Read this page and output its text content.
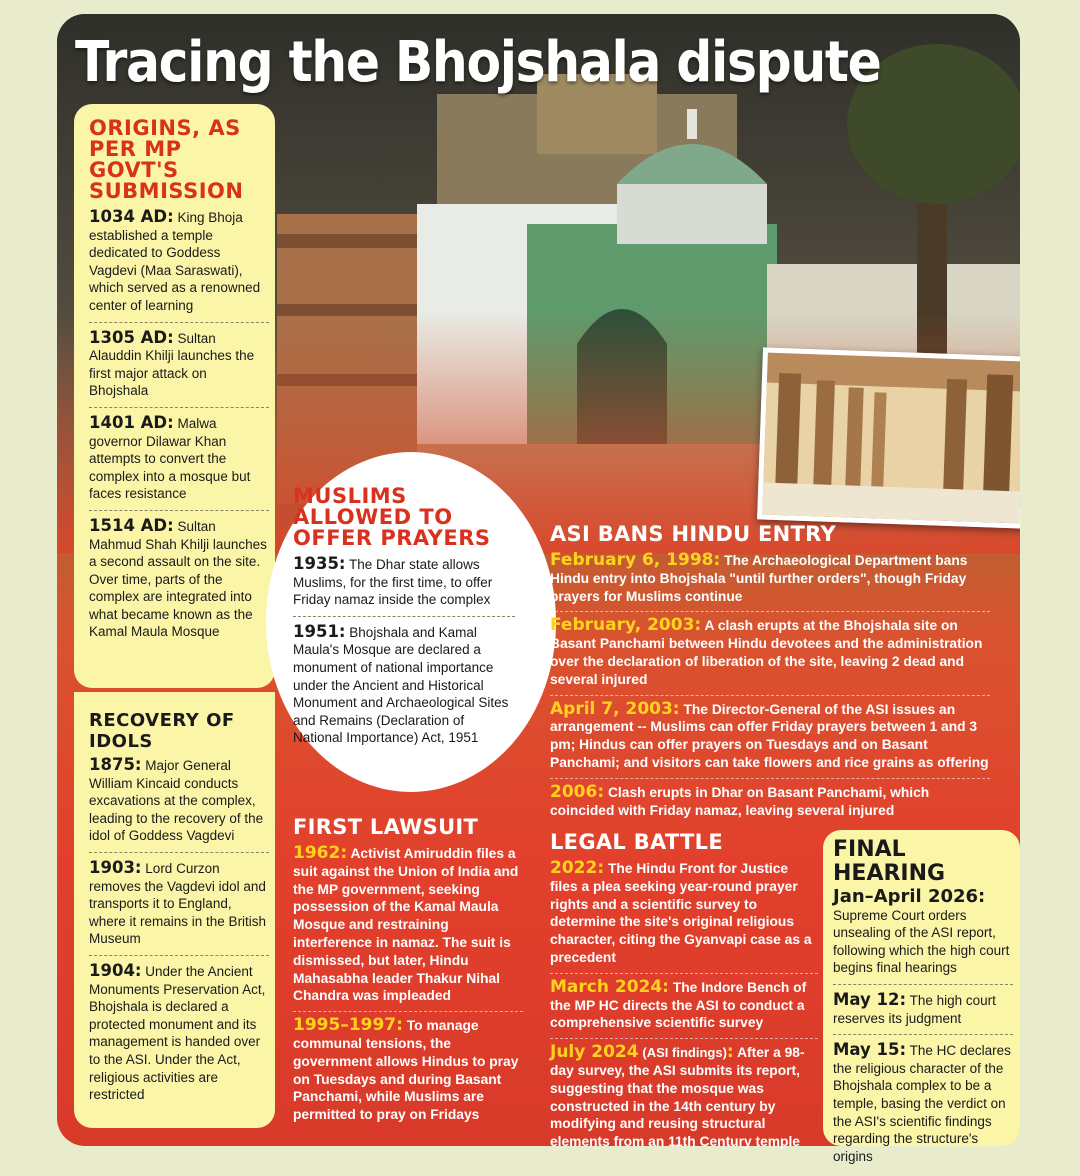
Tracing the Bhojshala dispute

ORIGINS, AS PER MP GOVT'S SUBMISSION

1034 AD: King Bhoja established a temple dedicated to Goddess Vagdevi (Maa Saraswati), which served as a renowned center of learning
1305 AD: Sultan Alauddin Khilji launches the first major attack on Bhojshala
1401 AD: Malwa governor Dilawar Khan attempts to convert the complex into a mosque but faces resistance
1514 AD: Sultan Mahmud Shah Khilji launches a second assault on the site. Over time, parts of the complex are integrated into what became known as the Kamal Maula Mosque

RECOVERY OF IDOLS

1875: Major General William Kincaid conducts excavations at the complex, leading to the recovery of the idol of Goddess Vagdevi
1903: Lord Curzon removes the Vagdevi idol and transports it to England, where it remains in the British Museum
1904: Under the Ancient Monuments Preservation Act, Bhojshala is declared a protected monument and its management is handed over to the ASI. Under the Act, religious activities are restricted

MUSLIMS ALLOWED TO OFFER PRAYERS

1935: The Dhar state allows Muslims, for the first time, to offer Friday namaz inside the complex
1951: Bhojshala and Kamal Maula's Mosque are declared a monument of national importance under the Ancient and Historical Monument and Archaeological Sites and Remains (Declaration of National Importance) Act, 1951

FIRST LAWSUIT

1962: Activist Amiruddin files a suit against the Union of India and the MP government, seeking possession of the Kamal Maula Mosque and restraining interference in namaz. The suit is dismissed, but later, Hindu Mahasabha leader Thakur Nihal Chandra was impleaded
1995–1997: To manage communal tensions, the government allows Hindus to pray on Tuesdays and during Basant Panchami, while Muslims are permitted to pray on Fridays

ASI BANS HINDU ENTRY

February 6, 1998: The Archaeological Department bans Hindu entry into Bhojshala "until further orders", though Friday prayers for Muslims continue
February, 2003: A clash erupts at the Bhojshala site on Basant Panchami between Hindu devotees and the administration over the declaration of liberation of the site, leaving 2 dead and several injured
April 7, 2003: The Director-General of the ASI issues an arrangement -- Muslims can offer Friday prayers between 1 and 3 pm; Hindus can offer prayers on Tuesdays and on Basant Panchami; and visitors can take flowers and rice grains as offering
2006: Clash erupts in Dhar on Basant Panchami, which coincided with Friday namaz, leaving several injured

LEGAL BATTLE

2022: The Hindu Front for Justice files a plea seeking year-round prayer rights and a scientific survey to determine the site's original religious character, citing the Gyanvapi case as a precedent
March 2024: The Indore Bench of the MP HC directs the ASI to conduct a comprehensive scientific survey
July 2024 (ASI findings): After a 98-day survey, the ASI submits its report, suggesting that the mosque was constructed in the 14th century by modifying and reusing structural elements from an 11th Century temple

FINAL HEARING

Jan–April 2026: Supreme Court orders unsealing of the ASI report, following which the high court begins final hearings
May 12: The high court reserves its judgment
May 15: The HC declares the religious character of the Bhojshala complex to be a temple, basing the verdict on the ASI's scientific findings regarding the structure's origins
